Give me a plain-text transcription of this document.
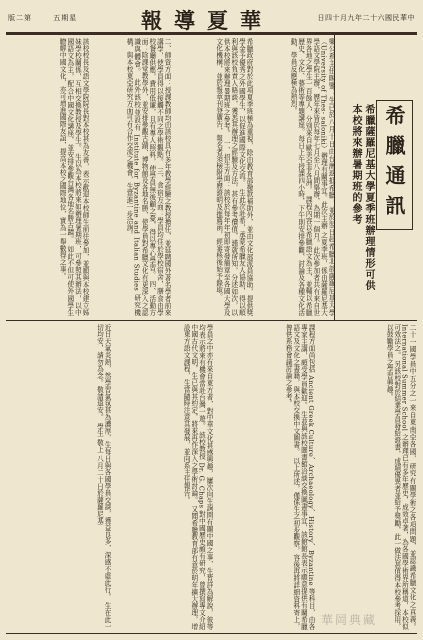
版二第	五期星	報導夏華	日四十月九年二十六國民華中
希臘通訊
希臘薩羅尼基大學夏季班辦理情形可供本校將來辦暑期班的參考
樂公系主任賜鑒：生已於八月十日由台灣返抵希臘，並於翌日赴希臘北部薩羅尼基大學（University of Thes- saloniki）辦理有關事宜。此次主辦 之夏季班，係由薩羅尼基大學語文學院主辦，歷年來皆於每年七月至八月間舉辦，為期一個月。此次參加者共有來自世界各地之學生一百餘人，分別來自歐美亞非各洲。 課程內容以希臘語文為主，並輔以希臘歷史、文化、藝術等專題講座。每日上午授課四小時，下午則安排參觀、討論及各種文化活動，學員反應極為熱烈。
希臘政府對於此項夏季班極為重視，除由教育部撥款補助外，並由文化部派員協助，提供獎學金予優秀之外國學生，以促進國際文化交流。 生此次赴希，承蒙希臘友人協助，得以順利與該校負責人晤談，獲悉其辦理之經驗及方法，甚有參考價值，謹就所知，分述如次，以供本校將來辦理暑期班之參考。 一、招生方面：該校於每年年初即寄發簡章至各國大學及文化機構，並於報章刊登廣告，報名者須檢附學歷證明及推薦函，經審核後始予錄取。
二、師資方面：授課教師均由該校具有多年教學經驗之教授擔任，並延聘國外著名學者前來講學，使學員得以接觸不同之學術觀點。 三、食宿方面：學員均住於學校宿舍，膳食由學校餐廳供應，費用低廉，且有專人照料，使學員無後顧之憂，得以專心學習。 四、活動方面：除課堂教學外，並安排參觀古蹟、博物館及各地名勝，使學員對希臘文化有更深入之認識與體會。 此外該校並設有 Institute for Byzantine and Italian Studies 研究機構，與本校東亞研究方面可有合作交流之機會，生當進一步洽詢。
該校校長及語文學院院長對本校甚為友善，表示歡迎本校師生前往參加，並願與本校建立姊妹學校關係，互相交換教授及學生。 生以為本校將來如辦理暑期班，可參照其辦法，以中國語文為主，配合中國文化講座，並安排參觀台灣各地名勝古蹟。 如此不但可使外國學生瞭解中國文化，亦可增進國際友誼，提高本校之國際地位，實為一舉數得之事。
二十一國學員中五分之一來自東南亞各國，研究有關學術之各項問題，並認識希臘文化之真義。 International Summer School 之辦理已有多年歷史，成效卓著，為各國學術界所稱道，本校似可效法之。 另該校對於結業學員發給證書，成績優異者並給予獎勵，此一做法甚值得本校參考採用，以鼓勵學員之學習興趣。
課程方面尚包括 Ancient Greek Culture、Archaeology、History、Byzantine 等科目，由各專家主講，頗受學員歡迎。 生並與該校圖書館洽談交換圖書事宜，該館館長表示願意提供有關希臘語文及文化之書籍，與本校交換中文圖書。 以上所述，僅係生之初步觀察，容後再將詳細資料寄上，俾供系務會議討論之參考。
學員之中亦有來自東方者，對中華文化甚感興趣，屢次向生詢問有關中國之事，生皆詳為解說，彼等均表示將來有機會當赴台灣一遊。 該校教授 Dr. G. Chaps 對中國歷史頗有研究，曾撰寫專文介紹中國古代文明，生已與其約定，將來再作深入之學術討論。 又聞希臘教育部有意於明年擴大辦理，增設東方語文課程，生當隨時注意其發展，並向系主任報告。
近日天氣炎熱，然學習氣氛甚為濃厚，生每日與各國學員交談，獲益良多，深感不虛此行。 生在此一切均安，請勿為念。敬請道安。 學生 敬上 八月二十日於薩羅尼基
華岡典藏
